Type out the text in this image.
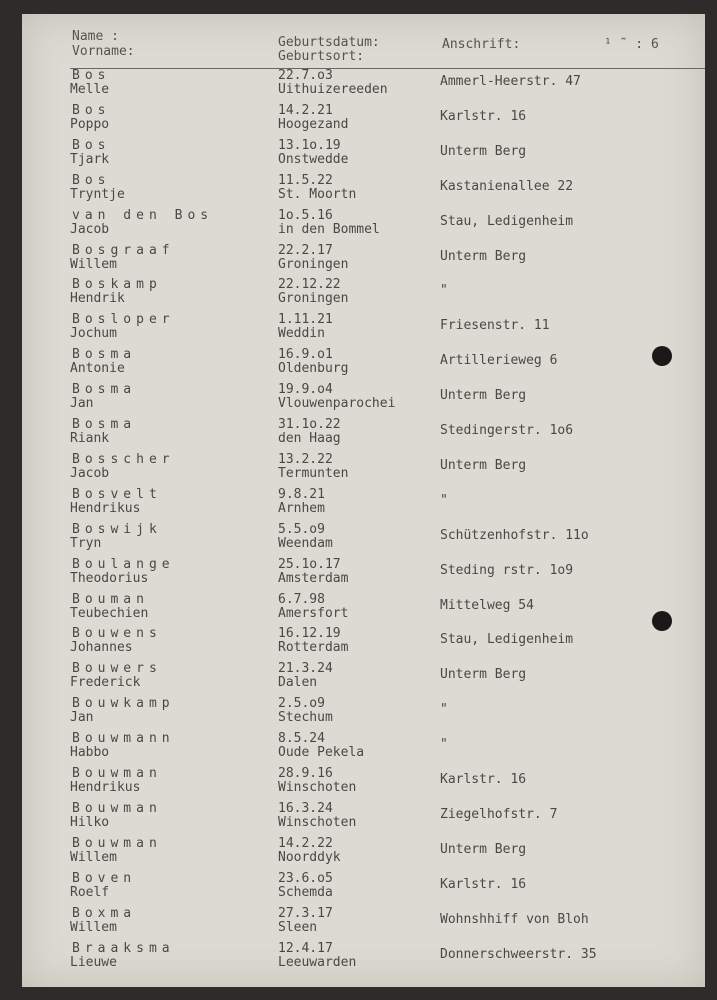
Name :
Vorname:
Geburtsdatum:
Geburtsort:
Anschrift:	¹ ˜ : 6
Bos
Melle
22.7.o3
Uithuizereeden
Ammerl-Heerstr. 47
Bos
Poppo
14.2.21
Hoogezand
Karlstr. 16
Bos
Tjark
13.1o.19
Onstwedde
Unterm Berg
Bos
Tryntje
11.5.22
St. Moortn
Kastanienallee 22
van den Bos
Jacob
1o.5.16
in den Bommel
Stau, Ledigenheim
Bosgraaf
Willem
22.2.17
Groningen
Unterm Berg
Boskamp
Hendrik
22.12.22
Groningen
"
Bosloper
Jochum
1.11.21
Weddin
Friesenstr. 11
Bosma
Antonie
16.9.o1
Oldenburg
Artillerieweg 6
Bosma
Jan
19.9.o4
Vlouwenparochei
Unterm Berg
Bosma
Riank
31.1o.22
den Haag
Stedingerstr. 1o6
Bosscher
Jacob
13.2.22
Termunten
Unterm Berg
Bosvelt
Hendrikus
9.8.21
Arnhem
"
Boswijk
Tryn
5.5.o9
Weendam
Schützenhofstr. 11o
Boulange
Theodorius
25.1o.17
Amsterdam
Steding rstr. 1o9
Bouman
Teubechien
6.7.98
Amersfort
Mittelweg 54
Bouwens
Johannes
16.12.19
Rotterdam
Stau, Ledigenheim
Bouwers
Frederick
21.3.24
Dalen
Unterm Berg
Bouwkamp
Jan
2.5.o9
Stechum
"
Bouwmann
Habbo
8.5.24
Oude Pekela
"
Bouwman
Hendrikus
28.9.16
Winschoten
Karlstr. 16
Bouwman
Hilko
16.3.24
Winschoten
Ziegelhofstr. 7
Bouwman
Willem
14.2.22
Noorddyk
Unterm Berg
Boven
Roelf
23.6.o5
Schemda
Karlstr. 16
Boxma
Willem
27.3.17
Sleen
Wohnshhiff von Bloh
Braaksma
Lieuwe
12.4.17
Leeuwarden
Donnerschweerstr. 35
